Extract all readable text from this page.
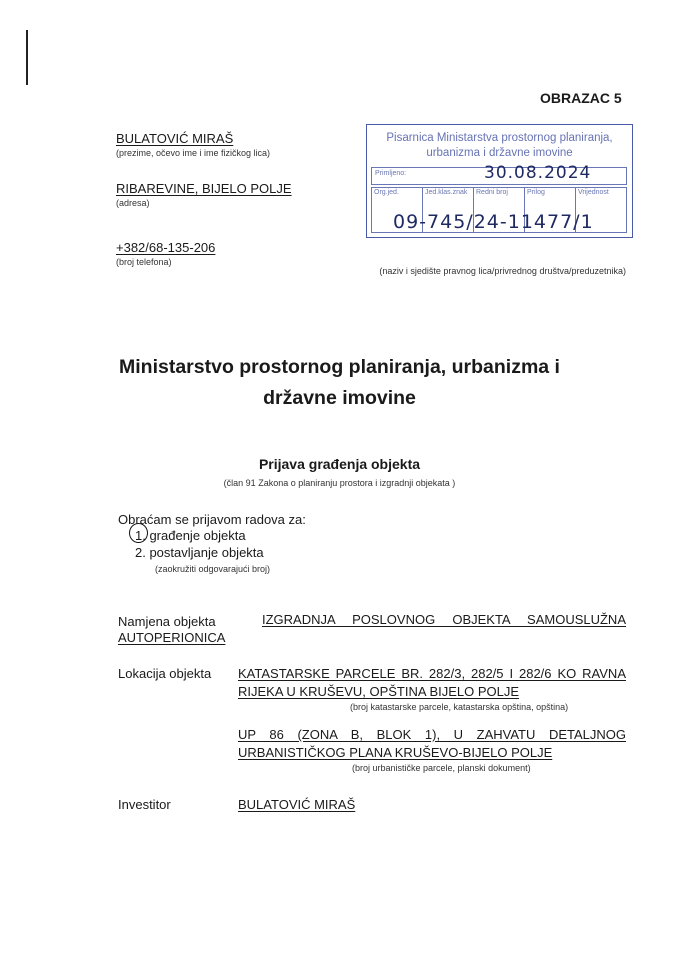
OBRAZAC 5
BULATOVIĆ MIRAŠ
(prezime, očevo ime i ime fizičkog lica)
RIBAREVINE, BIJELO POLJE
(adresa)
+382/68-135-206
(broj telefona)
Pisarnica Ministarstva prostornog planiranja,
urbanizma i državne imovine
Primljeno:	30.08.2024
Org.jed.	Jed.klas.znak	Redni broj	Prilog	Vrijednost
09-745/24-11477/1
(naziv i sjedište pravnog lica/privrednog društva/preduzetnika)
Ministarstvo prostornog planiranja, urbanizma i
državne imovine
Prijava građenja objekta
(član 91 Zakona o planiranju prostora i izgradnji objekata )
Obraćam se prijavom radova za:
1. građenje objekta
2. postavljanje objekta
(zaokružiti odgovarajući broj)
Namjena objekta	IZGRADNJA POSLOVNOG OBJEKTA SAMOUSLUŽNA
AUTOPERIONICA
Lokacija objekta KATASTARSKE PARCELE BR. 282/3, 282/5 I 282/6 KO RAVNA
RIJEKA U KRUŠEVU, OPŠTINA BIJELO POLJE
(broj katastarske parcele, katastarska opština, opština)
UP 86 (ZONA B, BLOK 1), U ZAHVATU DETALJNOG
URBANISTIČKOG PLANA KRUŠEVO-BIJELO POLJE
(broj urbanističke parcele, planski dokument)
Investitor	BULATOVIĆ MIRAŠ
